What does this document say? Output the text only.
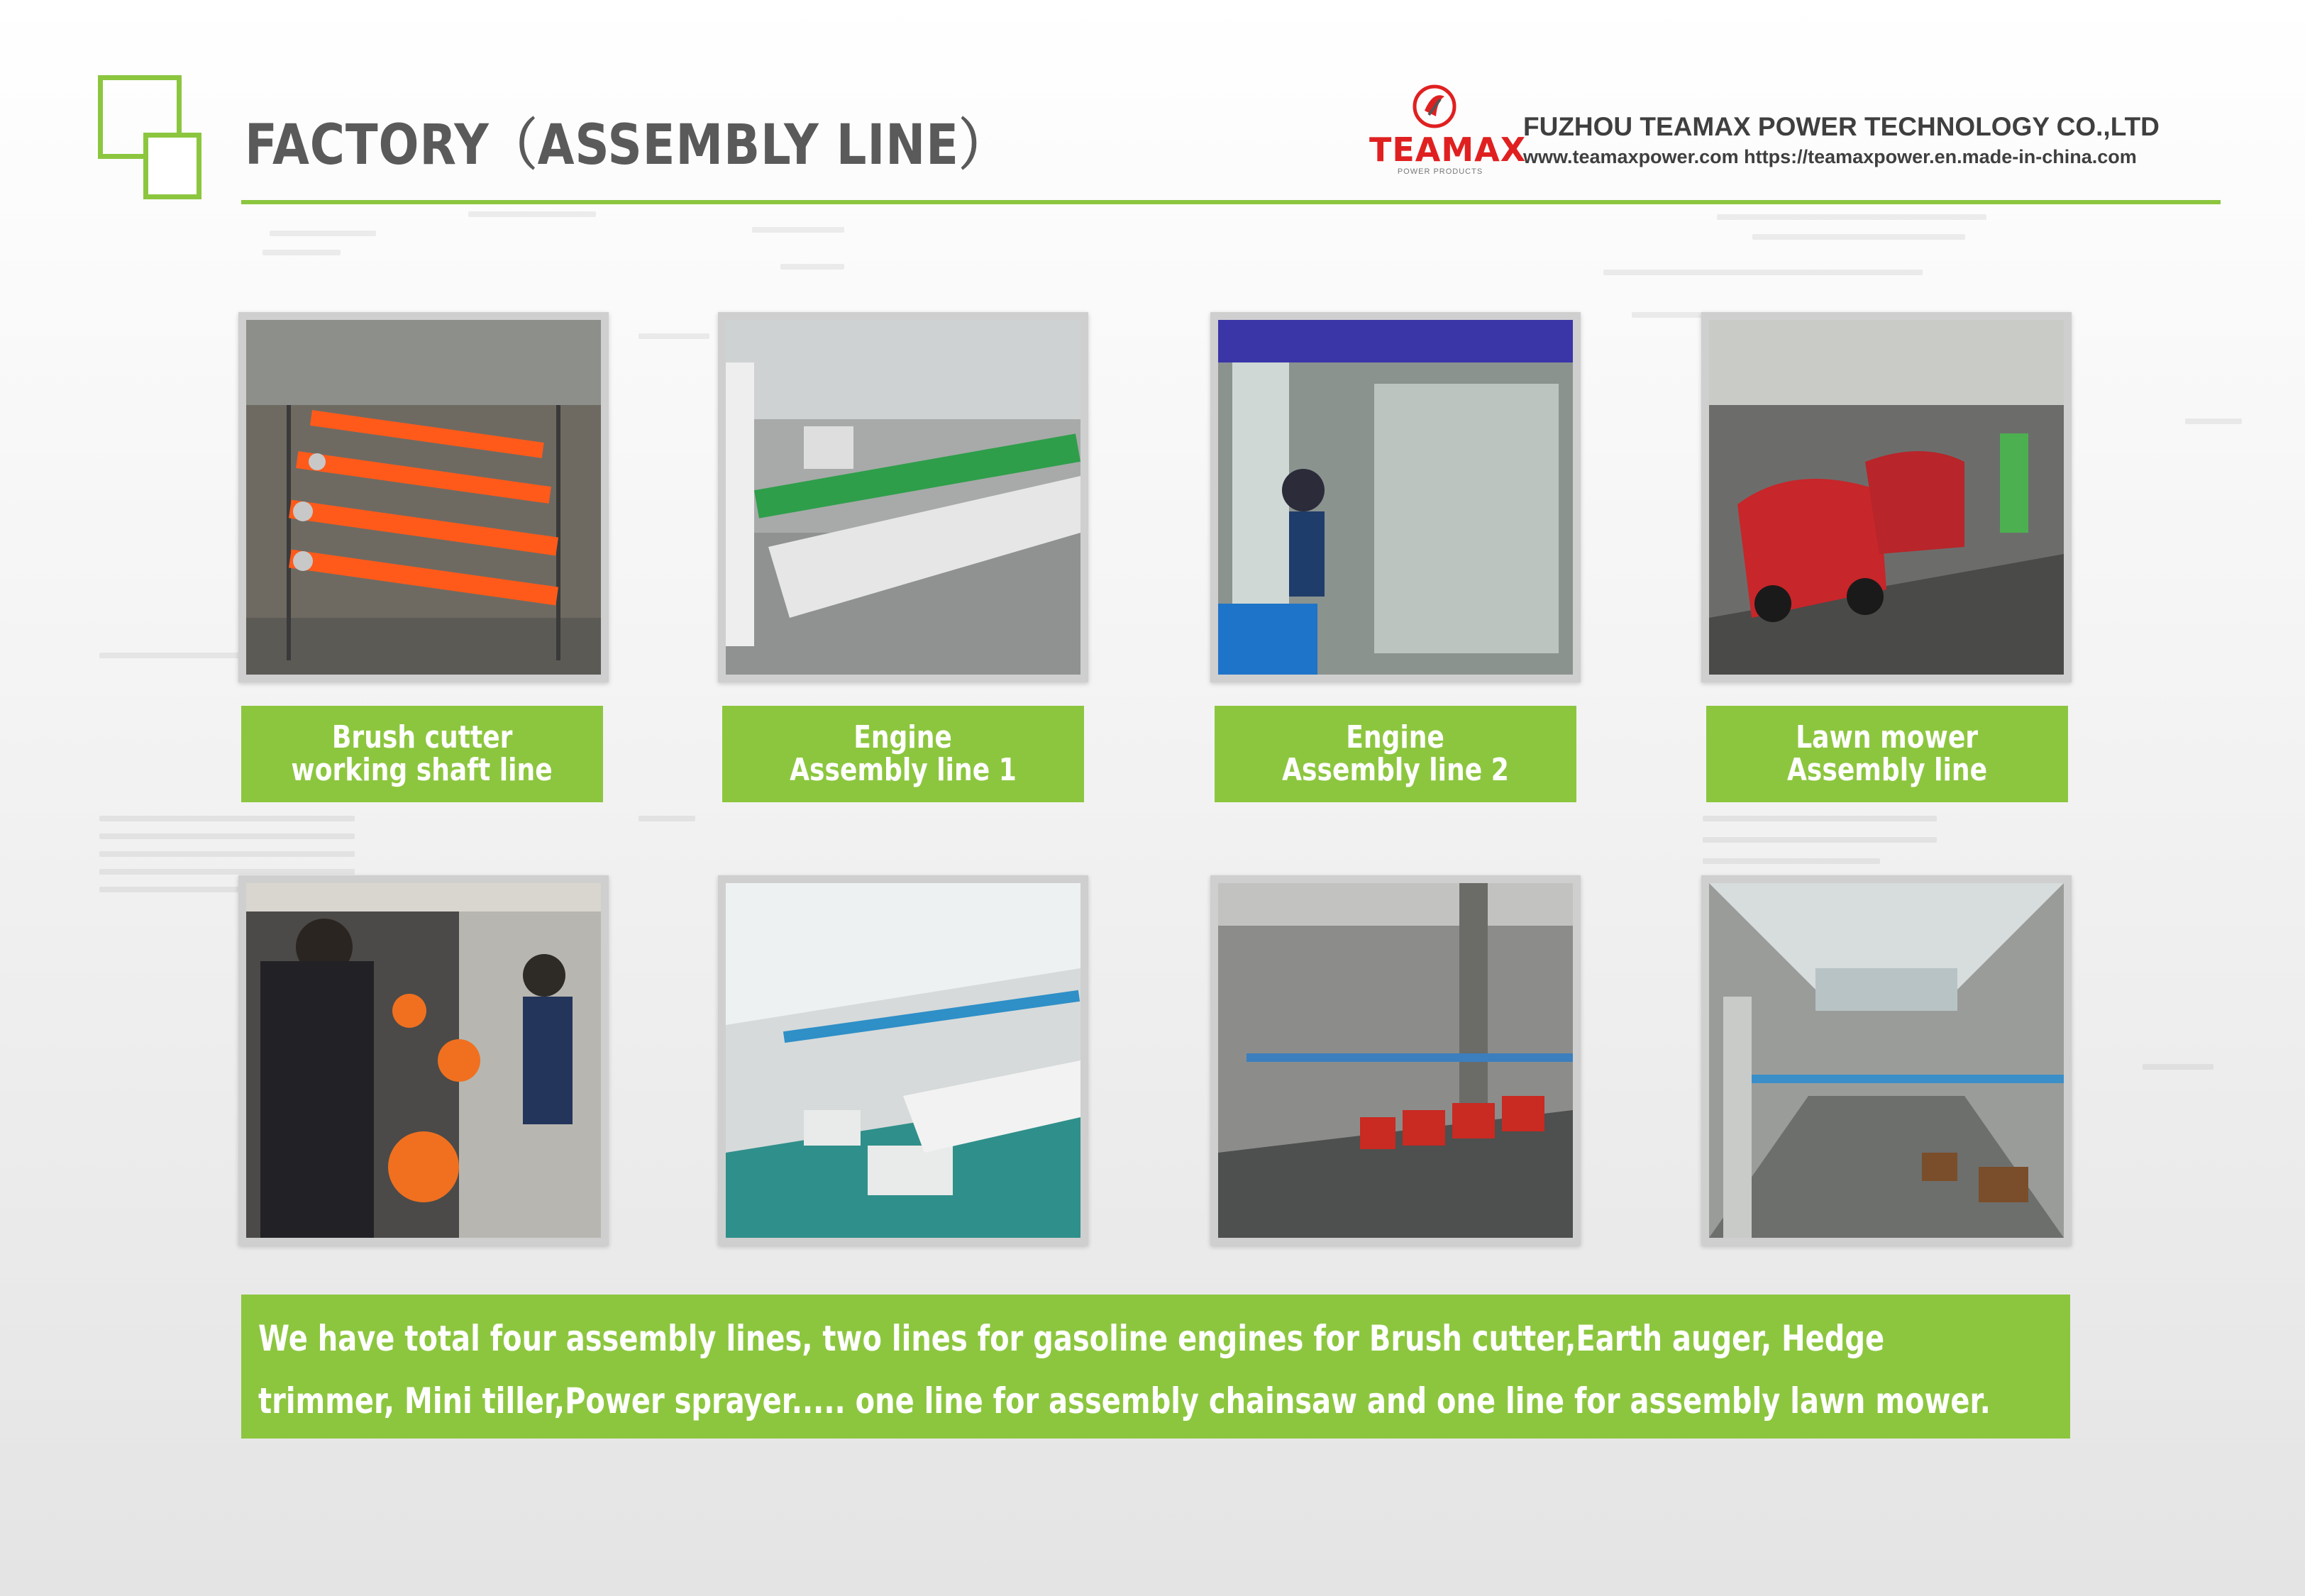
FACTORY（ASSEMBLY LINE）	TEAMAX
POWER PRODUCTS
FUZHOU TEAMAX POWER TECHNOLOGY CO.,LTD
www.teamaxpower.com https://teamaxpower.en.made-in-china.com
Brush cutter
working shaft line
Engine
Assembly line 1
Engine
Assembly line 2
Lawn mower
Assembly line
We have total four assembly lines, two lines for gasoline engines for Brush cutter,Earth auger, Hedge
trimmer, Mini tiller,Power sprayer..... one line for assembly chainsaw and one line for assembly lawn mower.
